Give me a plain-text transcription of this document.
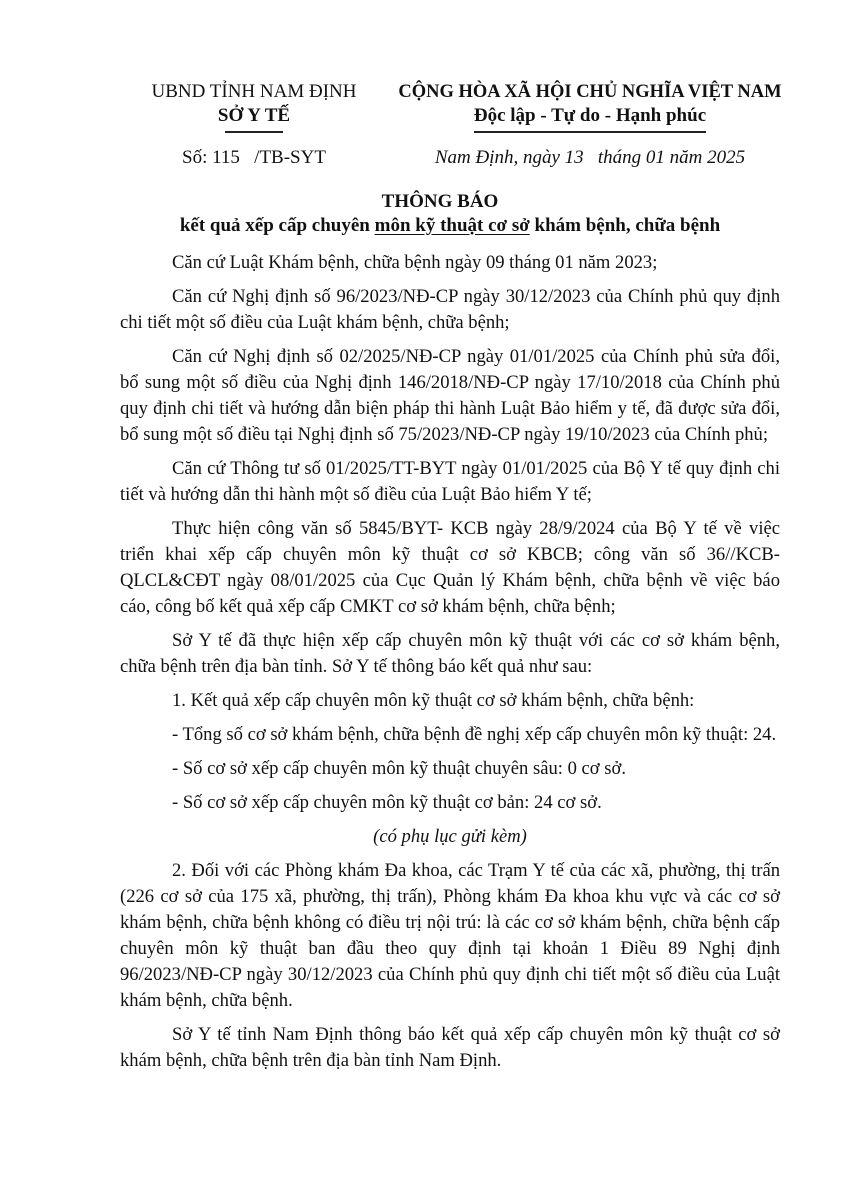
UBND TỈNH NAM ĐỊNH
SỞ Y TẾ
CỘNG HÒA XÃ HỘI CHỦ NGHĨA VIỆT NAM
Độc lập - Tự do - Hạnh phúc
Số: 115   /TB-SYT	Nam Định, ngày 13   tháng 01 năm 2025
THÔNG BÁO
kết quả xếp cấp chuyên môn kỹ thuật cơ sở khám bệnh, chữa bệnh

Căn cứ Luật Khám bệnh, chữa bệnh ngày 09 tháng 01 năm 2023;

Căn cứ Nghị định số 96/2023/NĐ-CP ngày 30/12/2023 của Chính phủ quy định chi tiết một số điều của Luật khám bệnh, chữa bệnh;

Căn cứ Nghị định số 02/2025/NĐ-CP ngày 01/01/2025 của Chính phủ sửa đổi, bổ sung một số điều của Nghị định 146/2018/NĐ-CP ngày 17/10/2018 của Chính phủ quy định chi tiết và hướng dẫn biện pháp thi hành Luật Bảo hiểm y tế, đã được sửa đổi, bổ sung một số điều tại Nghị định số 75/2023/NĐ-CP ngày 19/10/2023 của Chính phủ;

Căn cứ Thông tư số 01/2025/TT-BYT ngày 01/01/2025 của Bộ Y tế quy định chi tiết và hướng dẫn thi hành một số điều của Luật Bảo hiểm Y tế;

Thực hiện công văn số 5845/BYT- KCB ngày 28/9/2024 của Bộ Y tế về việc triển khai xếp cấp chuyên môn kỹ thuật cơ sở KBCB; công văn số 36//KCB-QLCL&CĐT ngày 08/01/2025 của Cục Quản lý Khám bệnh, chữa bệnh về việc báo cáo, công bố kết quả xếp cấp CMKT cơ sở khám bệnh, chữa bệnh;

Sở Y tế đã thực hiện xếp cấp chuyên môn kỹ thuật với các cơ sở khám bệnh, chữa bệnh trên địa bàn tỉnh. Sở Y tế thông báo kết quả như sau:

1. Kết quả xếp cấp chuyên môn kỹ thuật cơ sở khám bệnh, chữa bệnh:

- Tổng số cơ sở khám bệnh, chữa bệnh đề nghị xếp cấp chuyên môn kỹ thuật: 24.

- Số cơ sở xếp cấp chuyên môn kỹ thuật chuyên sâu: 0 cơ sở.

- Số cơ sở xếp cấp chuyên môn kỹ thuật cơ bản: 24 cơ sở.

(có phụ lục gửi kèm)

2. Đối với các Phòng khám Đa khoa, các Trạm Y tế của các xã, phường, thị trấn (226 cơ sở của 175 xã, phường, thị trấn), Phòng khám Đa khoa khu vực và các cơ sở khám bệnh, chữa bệnh không có điều trị nội trú: là các cơ sở khám bệnh, chữa bệnh cấp chuyên môn kỹ thuật ban đầu theo quy định tại khoản 1 Điều 89 Nghị định 96/2023/NĐ-CP ngày 30/12/2023 của Chính phủ quy định chi tiết một số điều của Luật khám bệnh, chữa bệnh.

Sở Y tế tỉnh Nam Định thông báo kết quả xếp cấp chuyên môn kỹ thuật cơ sở khám bệnh, chữa bệnh trên địa bàn tỉnh Nam Định.
